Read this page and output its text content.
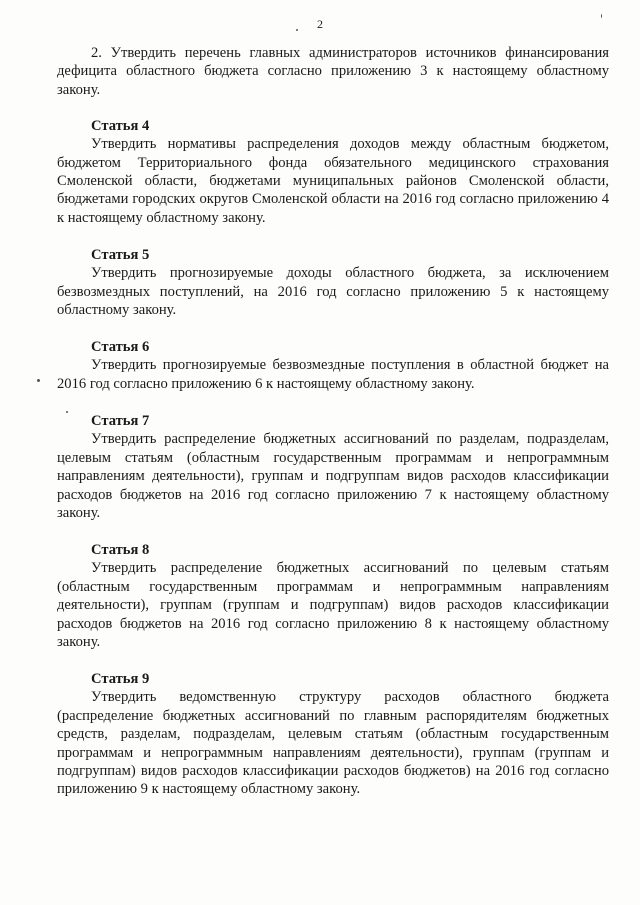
2

2. Утвердить перечень главных администраторов источников финансирования дефицита областного бюджета согласно приложению 3 к настоящему областному закону.

Статья 4

Утвердить нормативы распределения доходов между областным бюджетом, бюджетом Территориального фонда обязательного медицинского страхования Смоленской области, бюджетами муниципальных районов Смоленской области, бюджетами городских округов Смоленской области на 2016 год согласно приложению 4 к настоящему областному закону.

Статья 5

Утвердить прогнозируемые доходы областного бюджета, за исключением безвозмездных поступлений, на 2016 год согласно приложению 5 к настоящему областному закону.

Статья 6

Утвердить прогнозируемые безвозмездные поступления в областной бюджет на 2016 год согласно приложению 6 к настоящему областному закону.

Статья 7

Утвердить распределение бюджетных ассигнований по разделам, подразделам, целевым статьям (областным государственным программам и непрограммным направлениям деятельности), группам и подгруппам видов расходов классификации расходов бюджетов на 2016 год согласно приложению 7 к настоящему областному закону.

Статья 8

Утвердить распределение бюджетных ассигнований по целевым статьям (областным государственным программам и непрограммным направлениям деятельности), группам (группам и подгруппам) видов расходов классификации расходов бюджетов на 2016 год согласно приложению 8 к настоящему областному закону.

Статья 9

Утвердить ведомственную структуру расходов областного бюджета (распределение бюджетных ассигнований по главным распорядителям бюджетных средств, разделам, подразделам, целевым статьям (областным государственным программам и непрограммным направлениям деятельности), группам (группам и подгруппам) видов расходов классификации расходов бюджетов) на 2016 год согласно приложению 9 к настоящему областному закону.
